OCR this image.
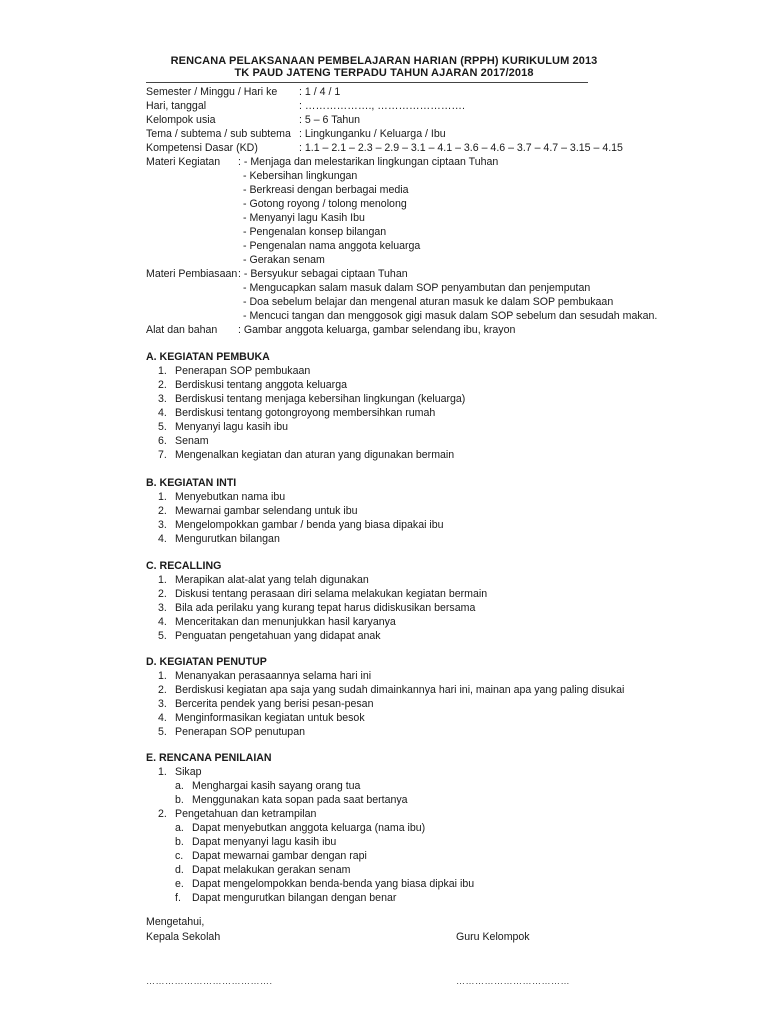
RENCANA PELAKSANAAN PEMBELAJARAN HARIAN (RPPH) KURIKULUM 2013
TK PAUD JATENG TERPADU TAHUN AJARAN 2017/2018
Semester / Minggu / Hari ke : 1 / 4 / 1
Hari, tanggal	: ………………., …………………….
Kelompok usia	: 5 – 6 Tahun
Tema / subtema / sub subtema : Lingkunganku / Keluarga / Ibu
Kompetensi Dasar (KD)	: 1.1 – 2.1 – 2.3 – 2.9 – 3.1 – 4.1 – 3.6 – 4.6 – 3.7 – 4.7 – 3.15 – 4.15
Materi Kegiatan : - Menjaga dan melestarikan lingkungan ciptaan Tuhan
- Kebersihan lingkungan
- Berkreasi dengan berbagai media
- Gotong royong / tolong menolong
- Menyanyi lagu Kasih Ibu
- Pengenalan konsep bilangan
- Pengenalan nama anggota keluarga
- Gerakan senam
Materi Pembiasaan : - Bersyukur sebagai ciptaan Tuhan
- Mengucapkan salam masuk dalam SOP penyambutan dan penjemputan
- Doa sebelum belajar dan mengenal aturan masuk ke dalam SOP pembukaan
- Mencuci tangan dan menggosok gigi masuk dalam SOP sebelum dan sesudah makan.
Alat dan bahan : Gambar anggota keluarga, gambar selendang ibu, krayon
A. KEGIATAN PEMBUKA
1. Penerapan SOP pembukaan
2. Berdiskusi tentang anggota keluarga
3. Berdiskusi tentang menjaga kebersihan lingkungan (keluarga)
4. Berdiskusi tentang gotongroyong membersihkan rumah
5. Menyanyi lagu kasih ibu
6. Senam
7. Mengenalkan kegiatan dan aturan yang digunakan bermain
B. KEGIATAN INTI
1. Menyebutkan nama ibu
2. Mewarnai gambar selendang untuk ibu
3. Mengelompokkan gambar / benda yang biasa dipakai ibu
4. Mengurutkan bilangan
C. RECALLING
1. Merapikan alat-alat yang telah digunakan
2. Diskusi tentang perasaan diri selama melakukan kegiatan bermain
3. Bila ada perilaku yang kurang tepat harus didiskusikan bersama
4. Menceritakan dan menunjukkan hasil karyanya
5. Penguatan pengetahuan yang didapat anak
D. KEGIATAN PENUTUP
1. Menanyakan perasaannya selama hari ini
2. Berdiskusi kegiatan apa saja yang sudah dimainkannya hari ini, mainan apa yang paling disukai
3. Bercerita pendek yang berisi pesan-pesan
4. Menginformasikan kegiatan untuk besok
5. Penerapan SOP penutupan
E. RENCANA PENILAIAN
1. Sikap
a. Menghargai kasih sayang orang tua
b. Menggunakan kata sopan pada saat bertanya
2. Pengetahuan dan ketrampilan
a. Dapat menyebutkan anggota keluarga (nama ibu)
b. Dapat menyanyi lagu kasih ibu
c. Dapat mewarnai gambar dengan rapi
d. Dapat melakukan gerakan senam
e. Dapat mengelompokkan benda-benda yang biasa dipkai ibu
f. Dapat mengurutkan bilangan dengan benar
Mengetahui,
Kepala Sekolah	Guru Kelompok
………………………………….	………………………………
